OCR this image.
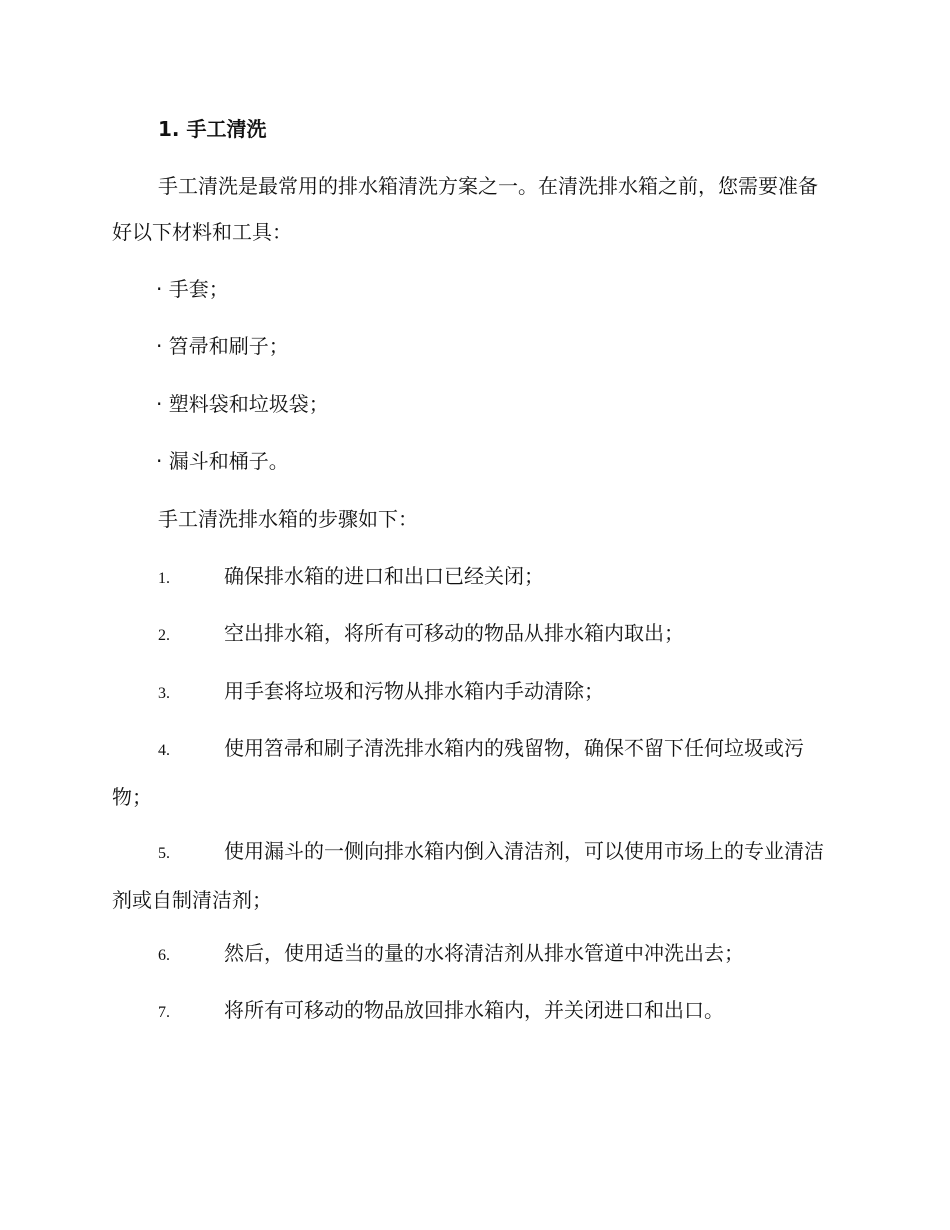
1. 手工清洗

手工清洗是最常用的排水箱清洗方案之一。在清洗排水箱之前，您需要准备好以下材料和工具：

· 手套；
· 笤帚和刷子；
· 塑料袋和垃圾袋；
· 漏斗和桶子。

手工清洗排水箱的步骤如下：

1.	确保排水箱的进口和出口已经关闭；

2.	空出排水箱，将所有可移动的物品从排水箱内取出；

3.	用手套将垃圾和污物从排水箱内手动清除；

4.	使用笤帚和刷子清洗排水箱内的残留物，确保不留下任何垃圾或污物；

5.	使用漏斗的一侧向排水箱内倒入清洁剂，可以使用市场上的专业清洁剂或自制清洁剂；

6.	然后，使用适当的量的水将清洁剂从排水管道中冲洗出去；

7.	将所有可移动的物品放回排水箱内，并关闭进口和出口。
